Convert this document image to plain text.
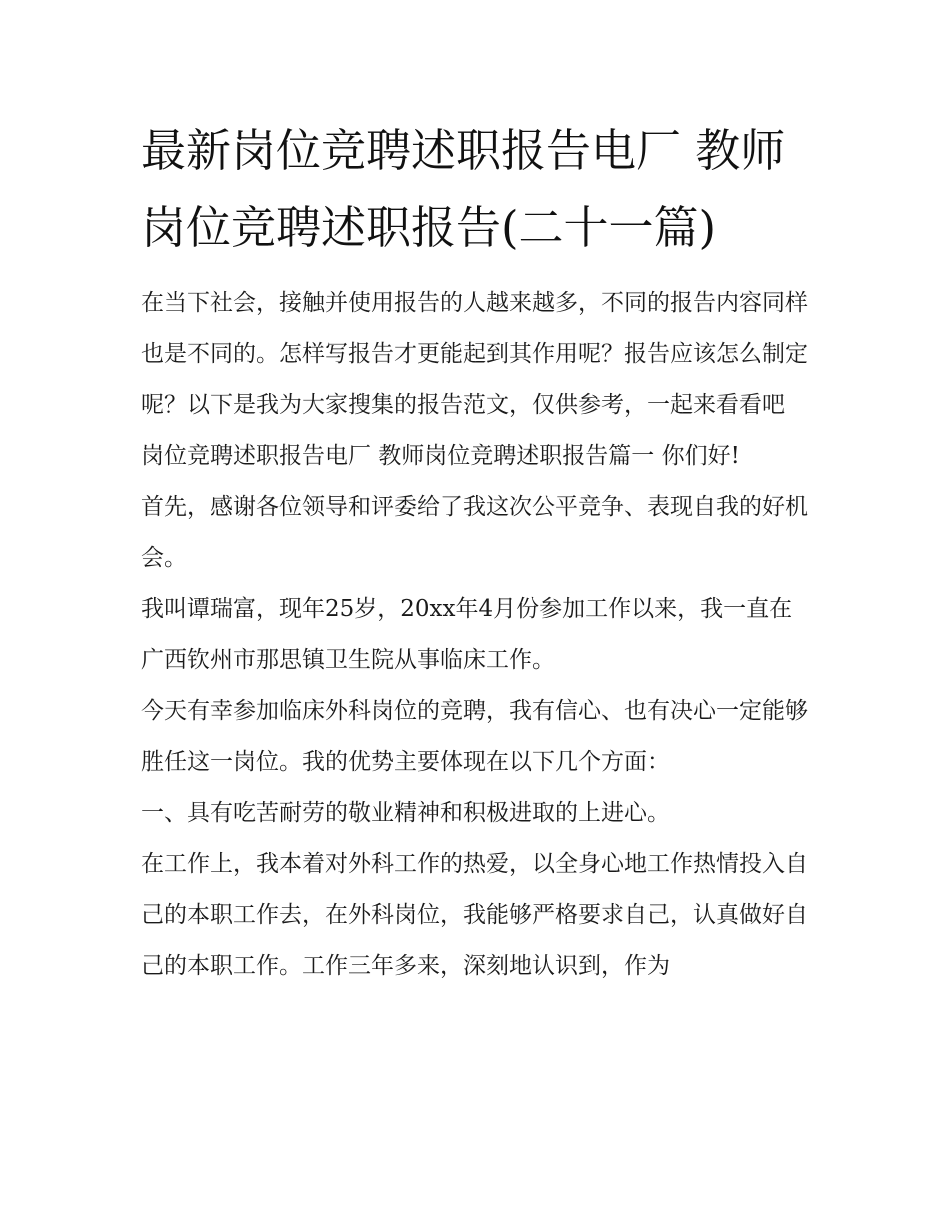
最新岗位竞聘述职报告电厂 教师岗位竞聘述职报告(二十一篇)

在当下社会，接触并使用报告的人越来越多，不同的报告内容同样也是不同的。怎样写报告才更能起到其作用呢？报告应该怎么制定呢？以下是我为大家搜集的报告范文，仅供参考，一起来看看吧

岗位竞聘述职报告电厂 教师岗位竞聘述职报告篇一 你们好!

首先，感谢各位领导和评委给了我这次公平竞争、表现自我的好机会。

我叫谭瑞富，现年25岁，20xx年4月份参加工作以来，我一直在广西钦州市那思镇卫生院从事临床工作。

今天有幸参加临床外科岗位的竞聘，我有信心、也有决心一定能够胜任这一岗位。我的优势主要体现在以下几个方面：

一、具有吃苦耐劳的敬业精神和积极进取的上进心。

在工作上，我本着对外科工作的热爱，以全身心地工作热情投入自己的本职工作去，在外科岗位，我能够严格要求自己，认真做好自己的本职工作。工作三年多来，深刻地认识到，作为
